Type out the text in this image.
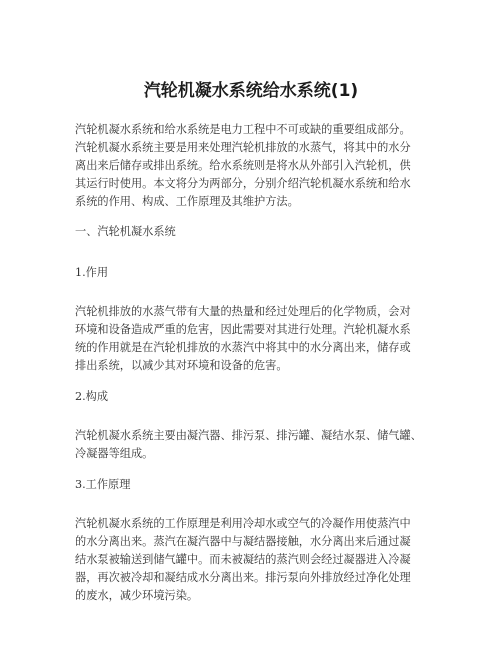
汽轮机凝水系统给水系统(1)

汽轮机凝水系统和给水系统是电力工程中不可或缺的重要组成部分。
汽轮机凝水系统主要是用来处理汽轮机排放的水蒸气，将其中的水分
离出来后储存或排出系统。给水系统则是将水从外部引入汽轮机，供
其运行时使用。本文将分为两部分，分别介绍汽轮机凝水系统和给水
系统的作用、构成、工作原理及其维护方法。

一、汽轮机凝水系统

1.作用

汽轮机排放的水蒸气带有大量的热量和经过处理后的化学物质，会对
环境和设备造成严重的危害，因此需要对其进行处理。汽轮机凝水系
统的作用就是在汽轮机排放的水蒸汽中将其中的水分离出来，储存或
排出系统，以减少其对环境和设备的危害。

2.构成

汽轮机凝水系统主要由凝汽器、排污泵、排污罐、凝结水泵、储气罐、
冷凝器等组成。

3.工作原理

汽轮机凝水系统的工作原理是利用冷却水或空气的冷凝作用使蒸汽中
的水分离出来。蒸汽在凝汽器中与凝结器接触，水分离出来后通过凝
结水泵被输送到储气罐中。而未被凝结的蒸汽则会经过凝器进入冷凝
器，再次被冷却和凝结成水分离出来。排污泵向外排放经过净化处理
的废水，减少环境污染。
